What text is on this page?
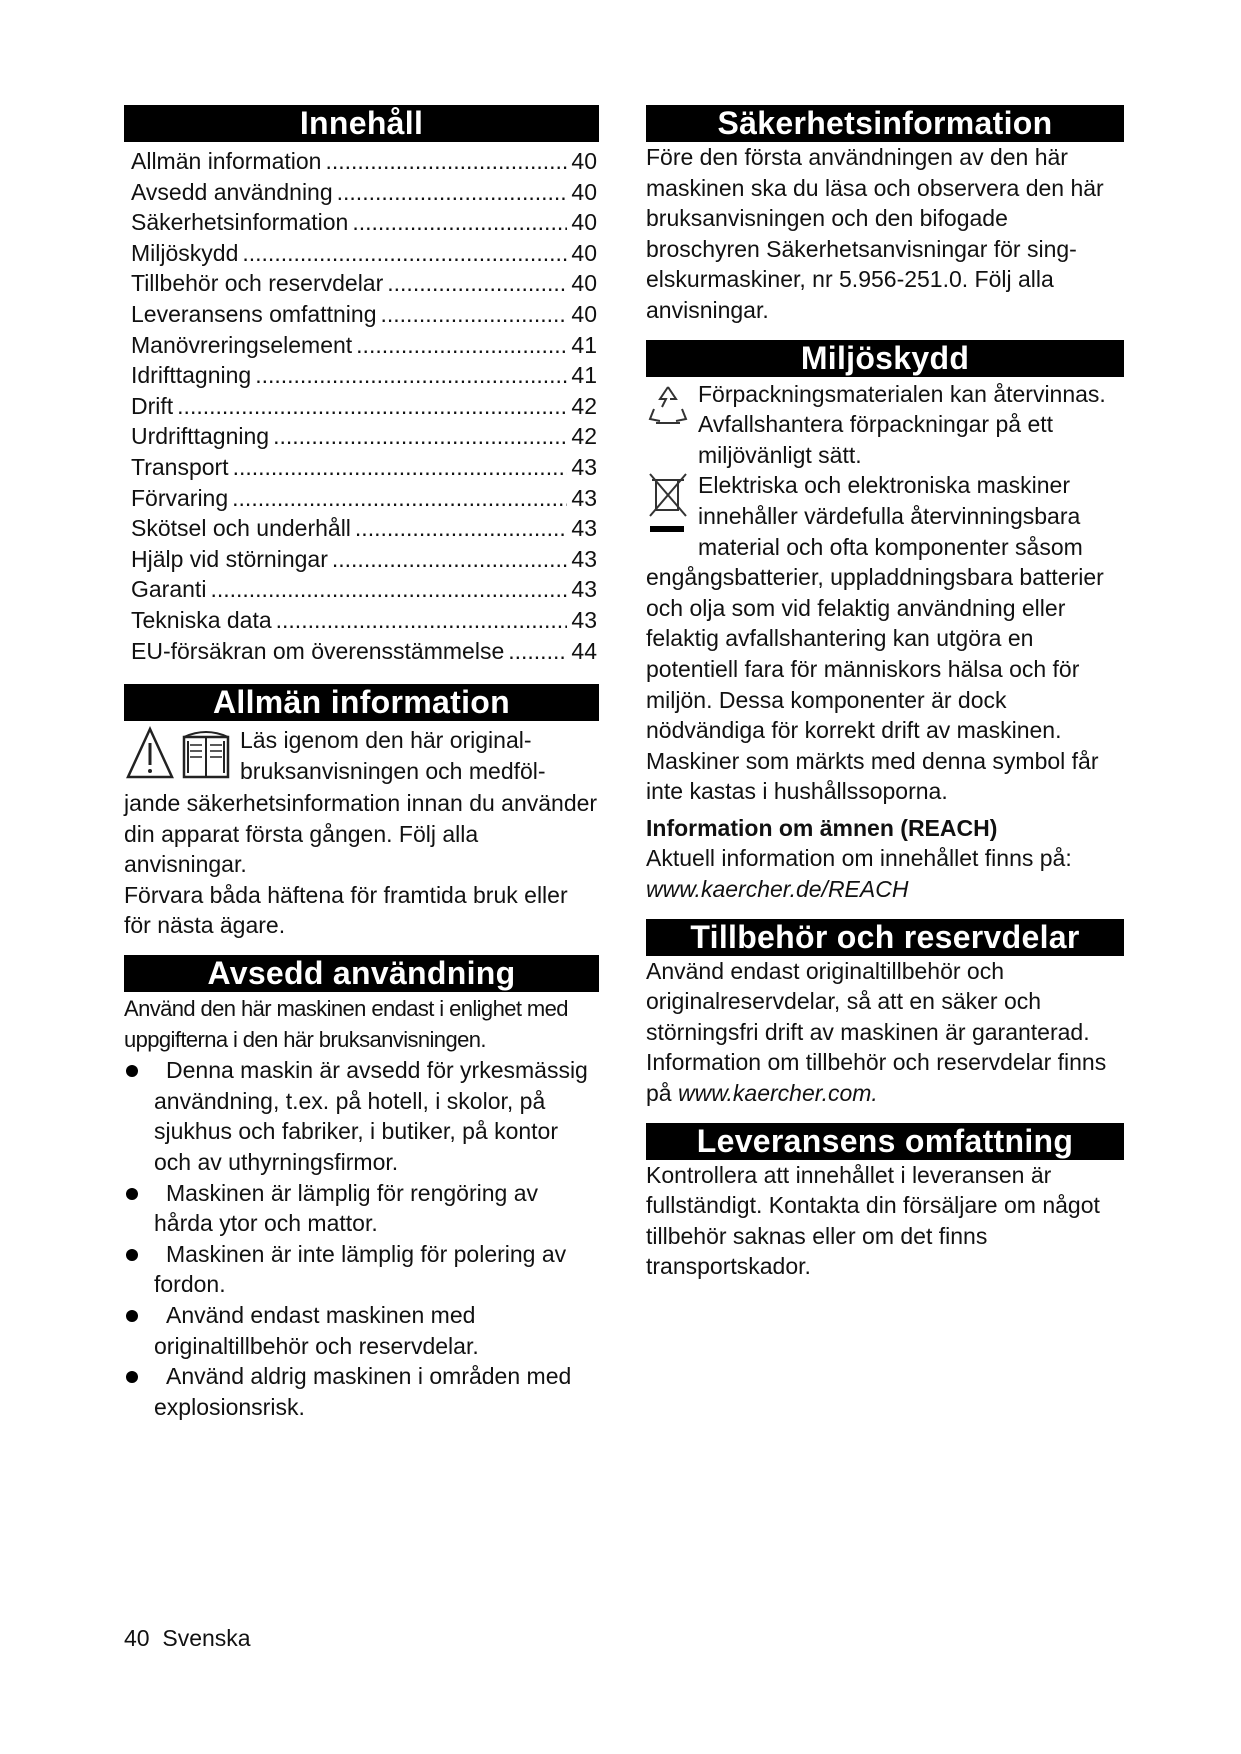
Innehåll
Allmän information .....	40
Avsedd användning .....	40
Säkerhetsinformation .....	40
Miljöskydd .....	40
Tillbehör och reservdelar .....	40
Leveransens omfattning .....	40
Manövreringselement .....	41
Idrifttagning .....	41
Drift .....	42
Urdrifttagning .....	42
Transport .....	43
Förvaring .....	43
Skötsel och underhåll .....	43
Hjälp vid störningar .....	43
Garanti .....	43
Tekniska data .....	43
EU-försäkran om överensstämmelse .....	44
Allmän information

Läs igenom den här original-

bruksanvisningen och medföl-

jande säkerhetsinformation innan du använder din apparat första gången. Följ alla anvisningar.

Förvara båda häftena för framtida bruk eller för nästa ägare.

Avsedd användning

Använd den här maskinen endast i enlighet med uppgifterna i den här bruksanvisningen.

Denna maskin är avsedd för yrkesmässig användning, t.ex. på hotell, i skolor, på sjukhus och fabriker, i butiker, på kontor och av uthyrningsfirmor.
Maskinen är lämplig för rengöring av hårda ytor och mattor.
Maskinen är inte lämplig för polering av fordon.
Använd endast maskinen med originaltillbehör och reservdelar.
Använd aldrig maskinen i områden med explosionsrisk.
Säkerhetsinformation

Före den första användningen av den här maskinen ska du läsa och observera den här bruksanvisningen och den bifogade broschyren Säkerhetsanvisningar för sing-elskurmaskiner, nr 5.956-251.0. Följ alla anvisningar.

Miljöskydd

Förpackningsmaterialen kan återvinnas. Avfallshantera förpackningar på ett miljövänligt sätt.

Elektriska och elektroniska maskiner innehåller värdefulla återvinningsbara material och ofta komponenter såsom engångsbatterier, uppladdningsbara batterier och olja som vid felaktig användning eller felaktig avfallshantering kan utgöra en potentiell fara för människors hälsa och för miljön. Dessa komponenter är dock nödvändiga för korrekt drift av maskinen. Maskiner som märkts med denna symbol får inte kastas i hushållssoporna.

Information om ämnen (REACH)

Aktuell information om innehållet finns på:

www.kaercher.de/REACH

Tillbehör och reservdelar

Använd endast originaltillbehör och originalreservdelar, så att en säker och störningsfri drift av maskinen är garanterad. Information om tillbehör och reservdelar finns på www.kaercher.com.

Leveransens omfattning

Kontrollera att innehållet i leveransen är fullständigt. Kontakta din försäljare om något tillbehör saknas eller om det finns transportskador.

40 Svenska
